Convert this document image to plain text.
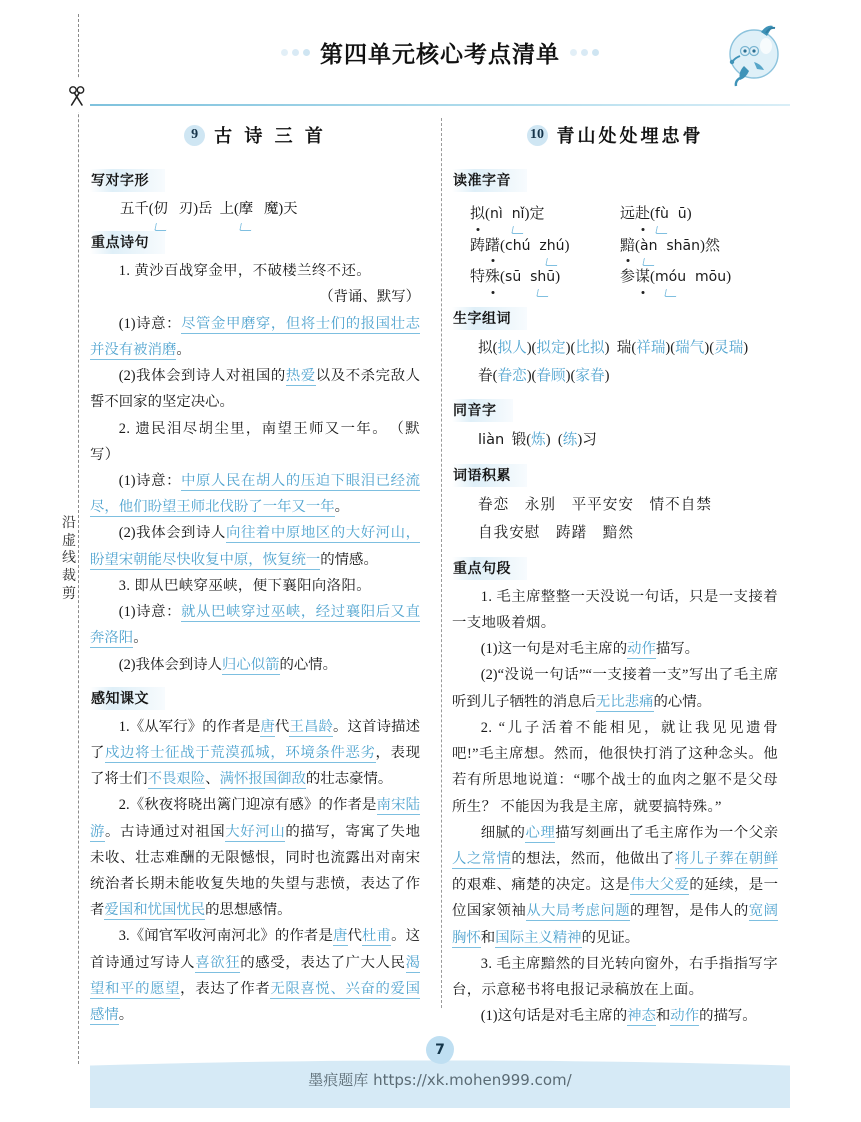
沿
虚
线
裁
剪
第四单元核心考点清单
9 古 诗 三 首
写对字形
五千(仞 刃)岳 上(摩 魔)天
重点诗句

1. 黄沙百战穿金甲，不破楼兰终不还。

（背诵、默写）

(1)诗意：尽管金甲磨穿，但将士们的报国壮志并没有被消磨。

(2)我体会到诗人对祖国的热爱以及不杀完敌人誓不回家的坚定决心。

2. 遗民泪尽胡尘里，南望王师又一年。　 （默写）

(1)诗意：中原人民在胡人的压迫下眼泪已经流尽，他们盼望王师北伐盼了一年又一年。

(2)我体会到诗人向往着中原地区的大好河山，盼望宋朝能尽快收复中原，恢复统一的情感。

3. 即从巴峡穿巫峡，便下襄阳向洛阳。

(1)诗意：就从巴峡穿过巫峡，经过襄阳后又直奔洛阳。

(2)我体会到诗人归心似箭的心情。

感知课文

1.《从军行》的作者是唐代王昌龄。这首诗描述了戍边将士征战于荒漠孤城，环境条件恶劣，表现了将士们不畏艰险、满怀报国御敌的壮志豪情。

2.《秋夜将晓出篱门迎凉有感》的作者是南宋陆游。古诗通过对祖国大好河山的描写，寄寓了失地未收、壮志难酬的无限憾恨，同时也流露出对南宋统治者长期未能收复失地的失望与悲愤，表达了作者爱国和忧国忧民的思想感情。

3.《闻官军收河南河北》的作者是唐代杜甫。这首诗通过写诗人喜欲狂的感受，表达了广大人民渴望和平的愿望，表达了作者无限喜悦、兴奋的爱国感情。

10 青山处处埋忠骨
读准字音
拟(nì nǐ)定	远赴(fù ū)
踌躇(chú zhú)	黯(àn shān)然
特殊(sū shū)	参谋(móu mōu)
生字组词
拟(拟人)(拟定)(比拟)  瑞(祥瑞)(瑞气)(灵瑞)
眷(眷恋)(眷顾)(家眷)
同音字
liàn 锻(炼) (练)习
词语积累
眷恋　永别　平平安安　情不自禁
自我安慰　踌躇　黯然
重点句段

1. 毛主席整整一天没说一句话，只是一支接着一支地吸着烟。

(1)这一句是对毛主席的动作描写。

(2)“没说一句话”“一支接着一支”写出了毛主席听到儿子牺牲的消息后无比悲痛的心情。

2. “儿子活着不能相见，就让我见见遗骨吧!”毛主席想。然而，他很快打消了这种念头。他若有所思地说道：“哪个战士的血肉之躯不是父母所生？ 不能因为我是主席，就要搞特殊。”

细腻的心理描写刻画出了毛主席作为一个父亲人之常情的想法，然而，他做出了将儿子葬在朝鲜的艰难、痛楚的决定。这是伟大父爱的延续，是一位国家领袖从大局考虑问题的理智，是伟人的宽阔胸怀和国际主义精神的见证。

3. 毛主席黯然的目光转向窗外，右手指指写字台，示意秘书将电报记录稿放在上面。

(1)这句话是对毛主席的神态和动作的描写。

7
墨痕题库 https://xk.mohen999.com/
